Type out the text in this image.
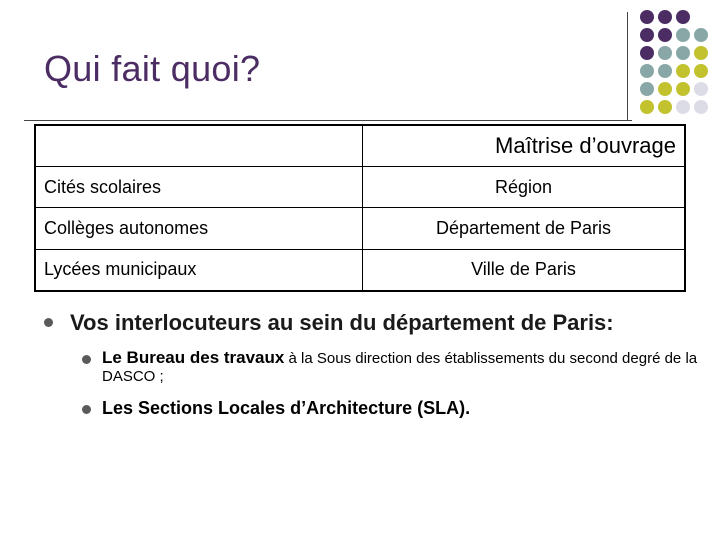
Qui fait quoi?
	Maîtrise d’ouvrage
Cités scolaires	Région
Collèges autonomes	Département de Paris
Lycées municipaux	Ville de Paris
Vos interlocuteurs au sein du département de Paris:
Le Bureau des travaux à la Sous direction des établissements du second degré de la DASCO ;
Les Sections Locales d’Architecture (SLA).
